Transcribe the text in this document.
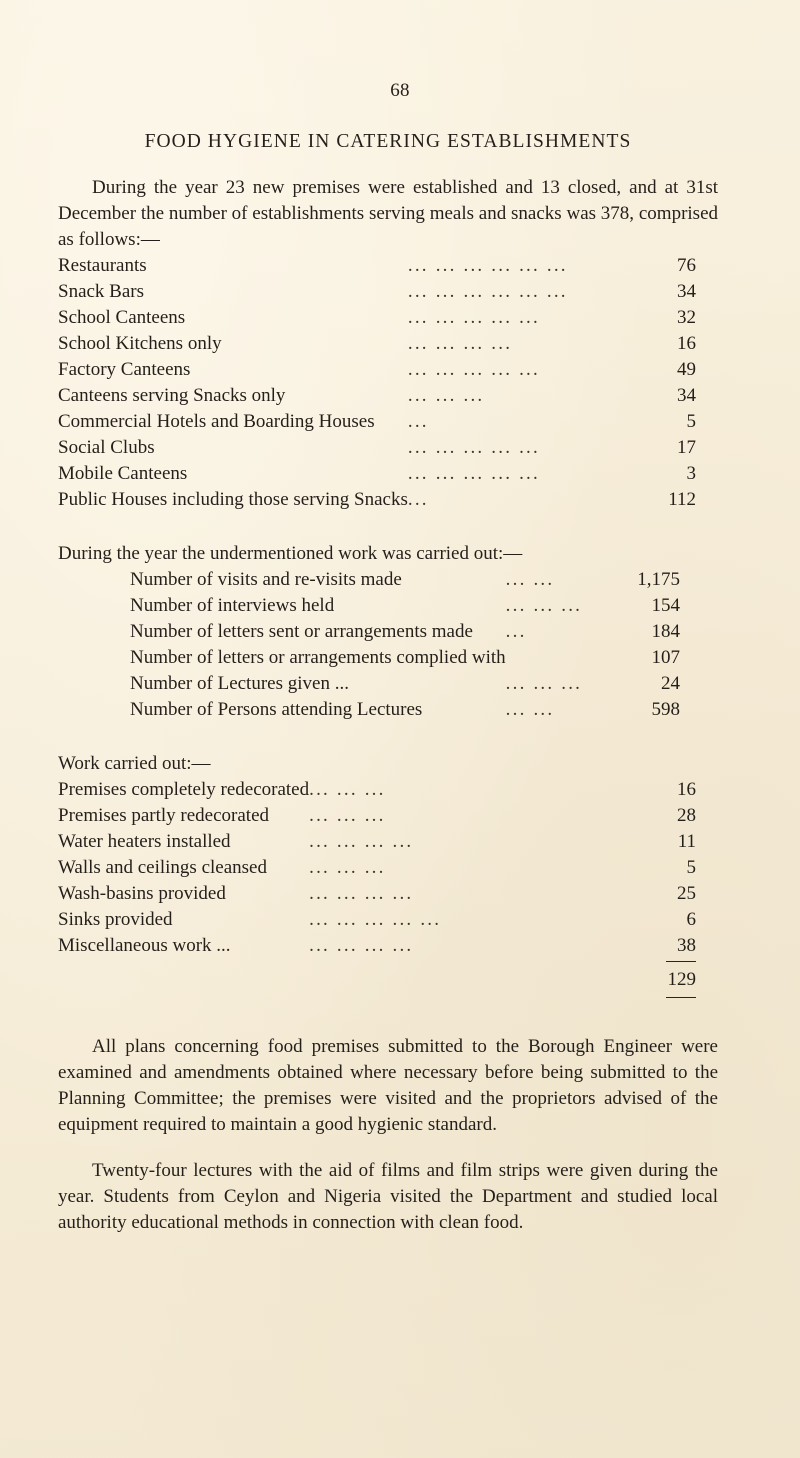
68
FOOD HYGIENE IN CATERING ESTABLISHMENTS

During the year 23 new premises were established and 13 closed, and at 31st December the number of establishments serving meals and snacks was 378, comprised as follows:—

Restaurants	... ... ... ... ... ...	76
Snack Bars	... ... ... ... ... ...	34
School Canteens	... ... ... ... ...	32
School Kitchens only	... ... ... ...	16
Factory Canteens	... ... ... ... ...	49
Canteens serving Snacks only	... ... ...	34
Commercial Hotels and Boarding Houses	...	5
Social Clubs	... ... ... ... ...	17
Mobile Canteens	... ... ... ... ...	3
Public Houses including those serving Snacks	...	112

During the year the undermentioned work was carried out:—

Number of visits and re-visits made	... ...	1,175
Number of interviews held	... ... ...	154
Number of letters sent or arrangements made	...	184
Number of letters or arrangements complied with		107
Number of Lectures given ...	... ... ...	24
Number of Persons attending Lectures	... ...	598

Work carried out:—

Premises completely redecorated	... ... ...	16
Premises partly redecorated	... ... ...	28
Water heaters installed	... ... ... ...	11
Walls and ceilings cleansed	... ... ...	5
Wash-basins provided	... ... ... ...	25
Sinks provided	... ... ... ... ...	6
Miscellaneous work ...	... ... ... ...	38
129

All plans concerning food premises submitted to the Borough Engineer were examined and amendments obtained where necessary before being submitted to the Planning Committee; the premises were visited and the proprietors advised of the equipment required to maintain a good hygienic standard.

Twenty-four lectures with the aid of films and film strips were given during the year. Students from Ceylon and Nigeria visited the Department and studied local authority educational methods in connection with clean food.
